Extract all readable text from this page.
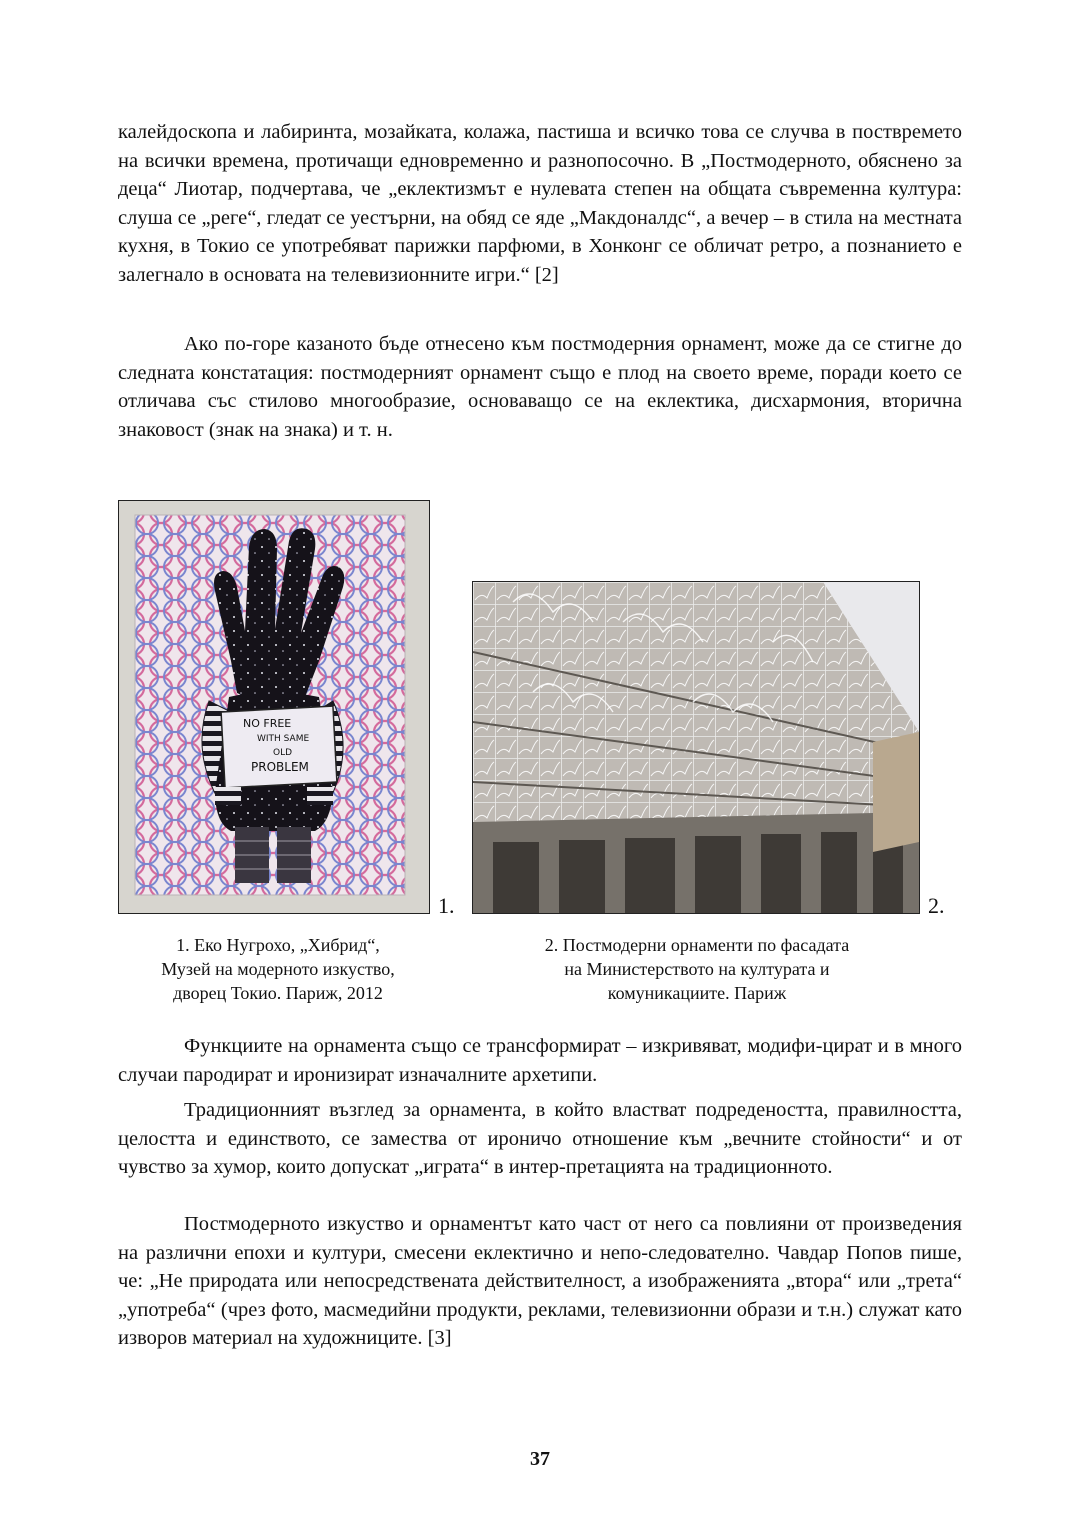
калейдоскопа и лабиринта, мозайката, колажа, пастиша и всичко това се случва в поствремето на всички времена, протичащи едновременно и разнопосочно. В „Постмодерното, обяснено за деца“ Лиотар, подчертава, че „еклектизмът е нулевата степен на общата съвременна култура: слуша се „реге“, гледат се уестърни, на обяд се яде „Макдоналдс“, а вечер – в стила на местната кухня, в Токио се употребяват парижки парфюми, в Хонконг се обличат ретро, а познанието е залегнало в основата на телевизионните игри.“ [2]

Ако по-горе казаното бъде отнесено към постмодерния орнамент, може да се стигне до следната констатация: постмодерният орнамент също е плод на своето време, поради което се отличава със стилово многообразие, основаващо се на еклектика, дисхармония, вторична знаковост (знак на знака) и т. н.

NO FREE
WITH SAME
OLD
PROBLEM
1.	2.
1. Еко Нугрохо, „Хибрид“,
Музей на модерното изкуство,
дворец Токио. Париж, 2012
2. Постмодерни орнаменти по фасадата
на Министерството на културата и
комуникациите. Париж

Функциите на орнамента също се трансформират – изкривяват, модифи-цират и в много случаи пародират и иронизират изначалните архетипи.

Традиционният възглед за орнамента, в който властват подредеността, правилността, целостта и единството, се замества от ироничо отношение към „вечните стойности“ и от чувство за хумор, които допускат „играта“ в интер-претацията на традиционното.

Постмодерното изкуство и орнаментът като част от него са повлияни от произведения на различни епохи и култури, смесени еклектично и непо-следователно. Чавдар Попов пише, че: „Не природата или непосредствената действителност, а изображенията „втора“ или „трета“ „употреба“ (чрез фото, масмедийни продукти, реклами, телевизионни образи и т.н.) служат като изворов материал на художниците. [3]

37
